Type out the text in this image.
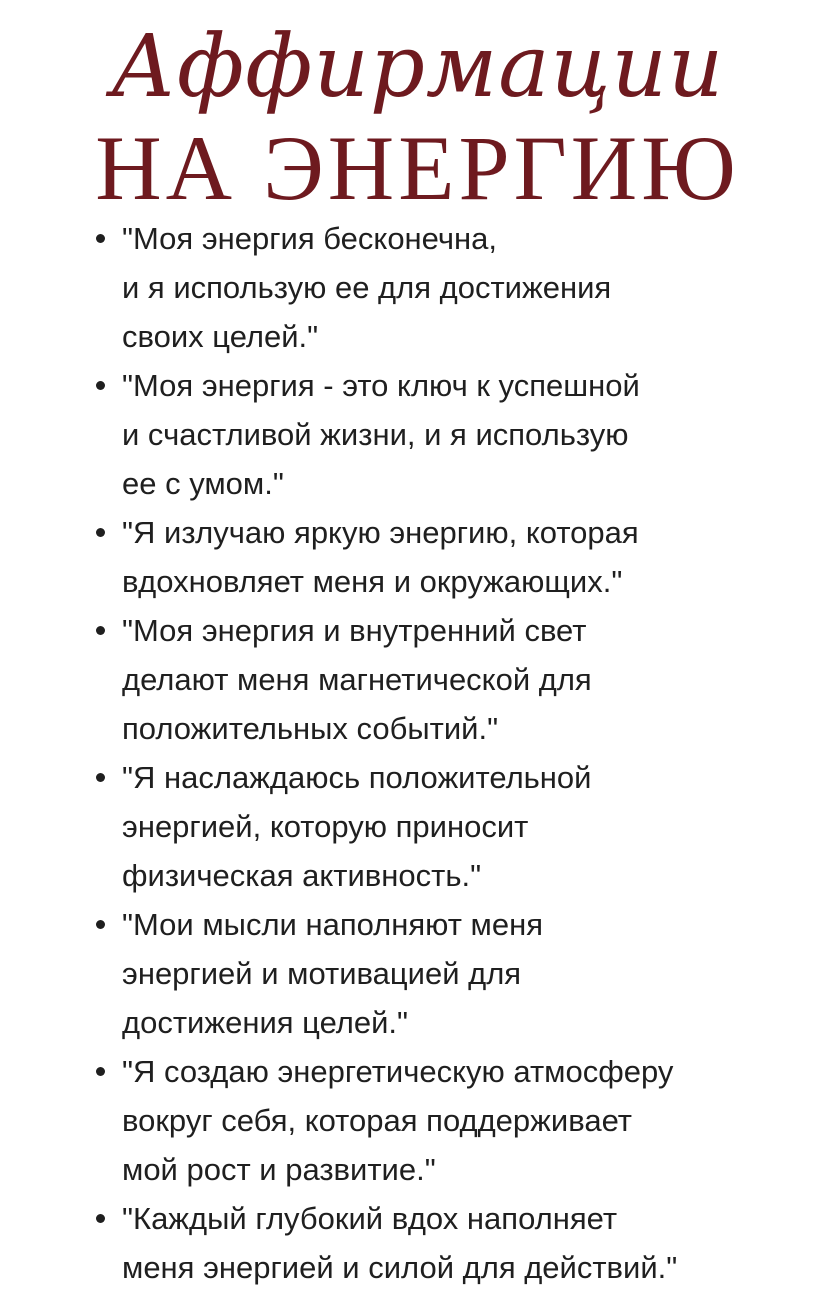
Аффирмации
НА ЭНЕРГИЮ
"Моя энергия бесконечна,
и я использую ее для достижения
своих целей."
"Моя энергия - это ключ к успешной
и счастливой жизни, и я использую
ее с умом."
"Я излучаю яркую энергию, которая
вдохновляет меня и окружающих."
"Моя энергия и внутренний свет
делают меня магнетической для
положительных событий."
"Я наслаждаюсь положительной
энергией, которую приносит
физическая активность."
"Мои мысли наполняют меня
энергией и мотивацией для
достижения целей."
"Я создаю энергетическую атмосферу
вокруг себя, которая поддерживает
мой рост и развитие."
"Каждый глубокий вдох наполняет
меня энергией и силой для действий."
